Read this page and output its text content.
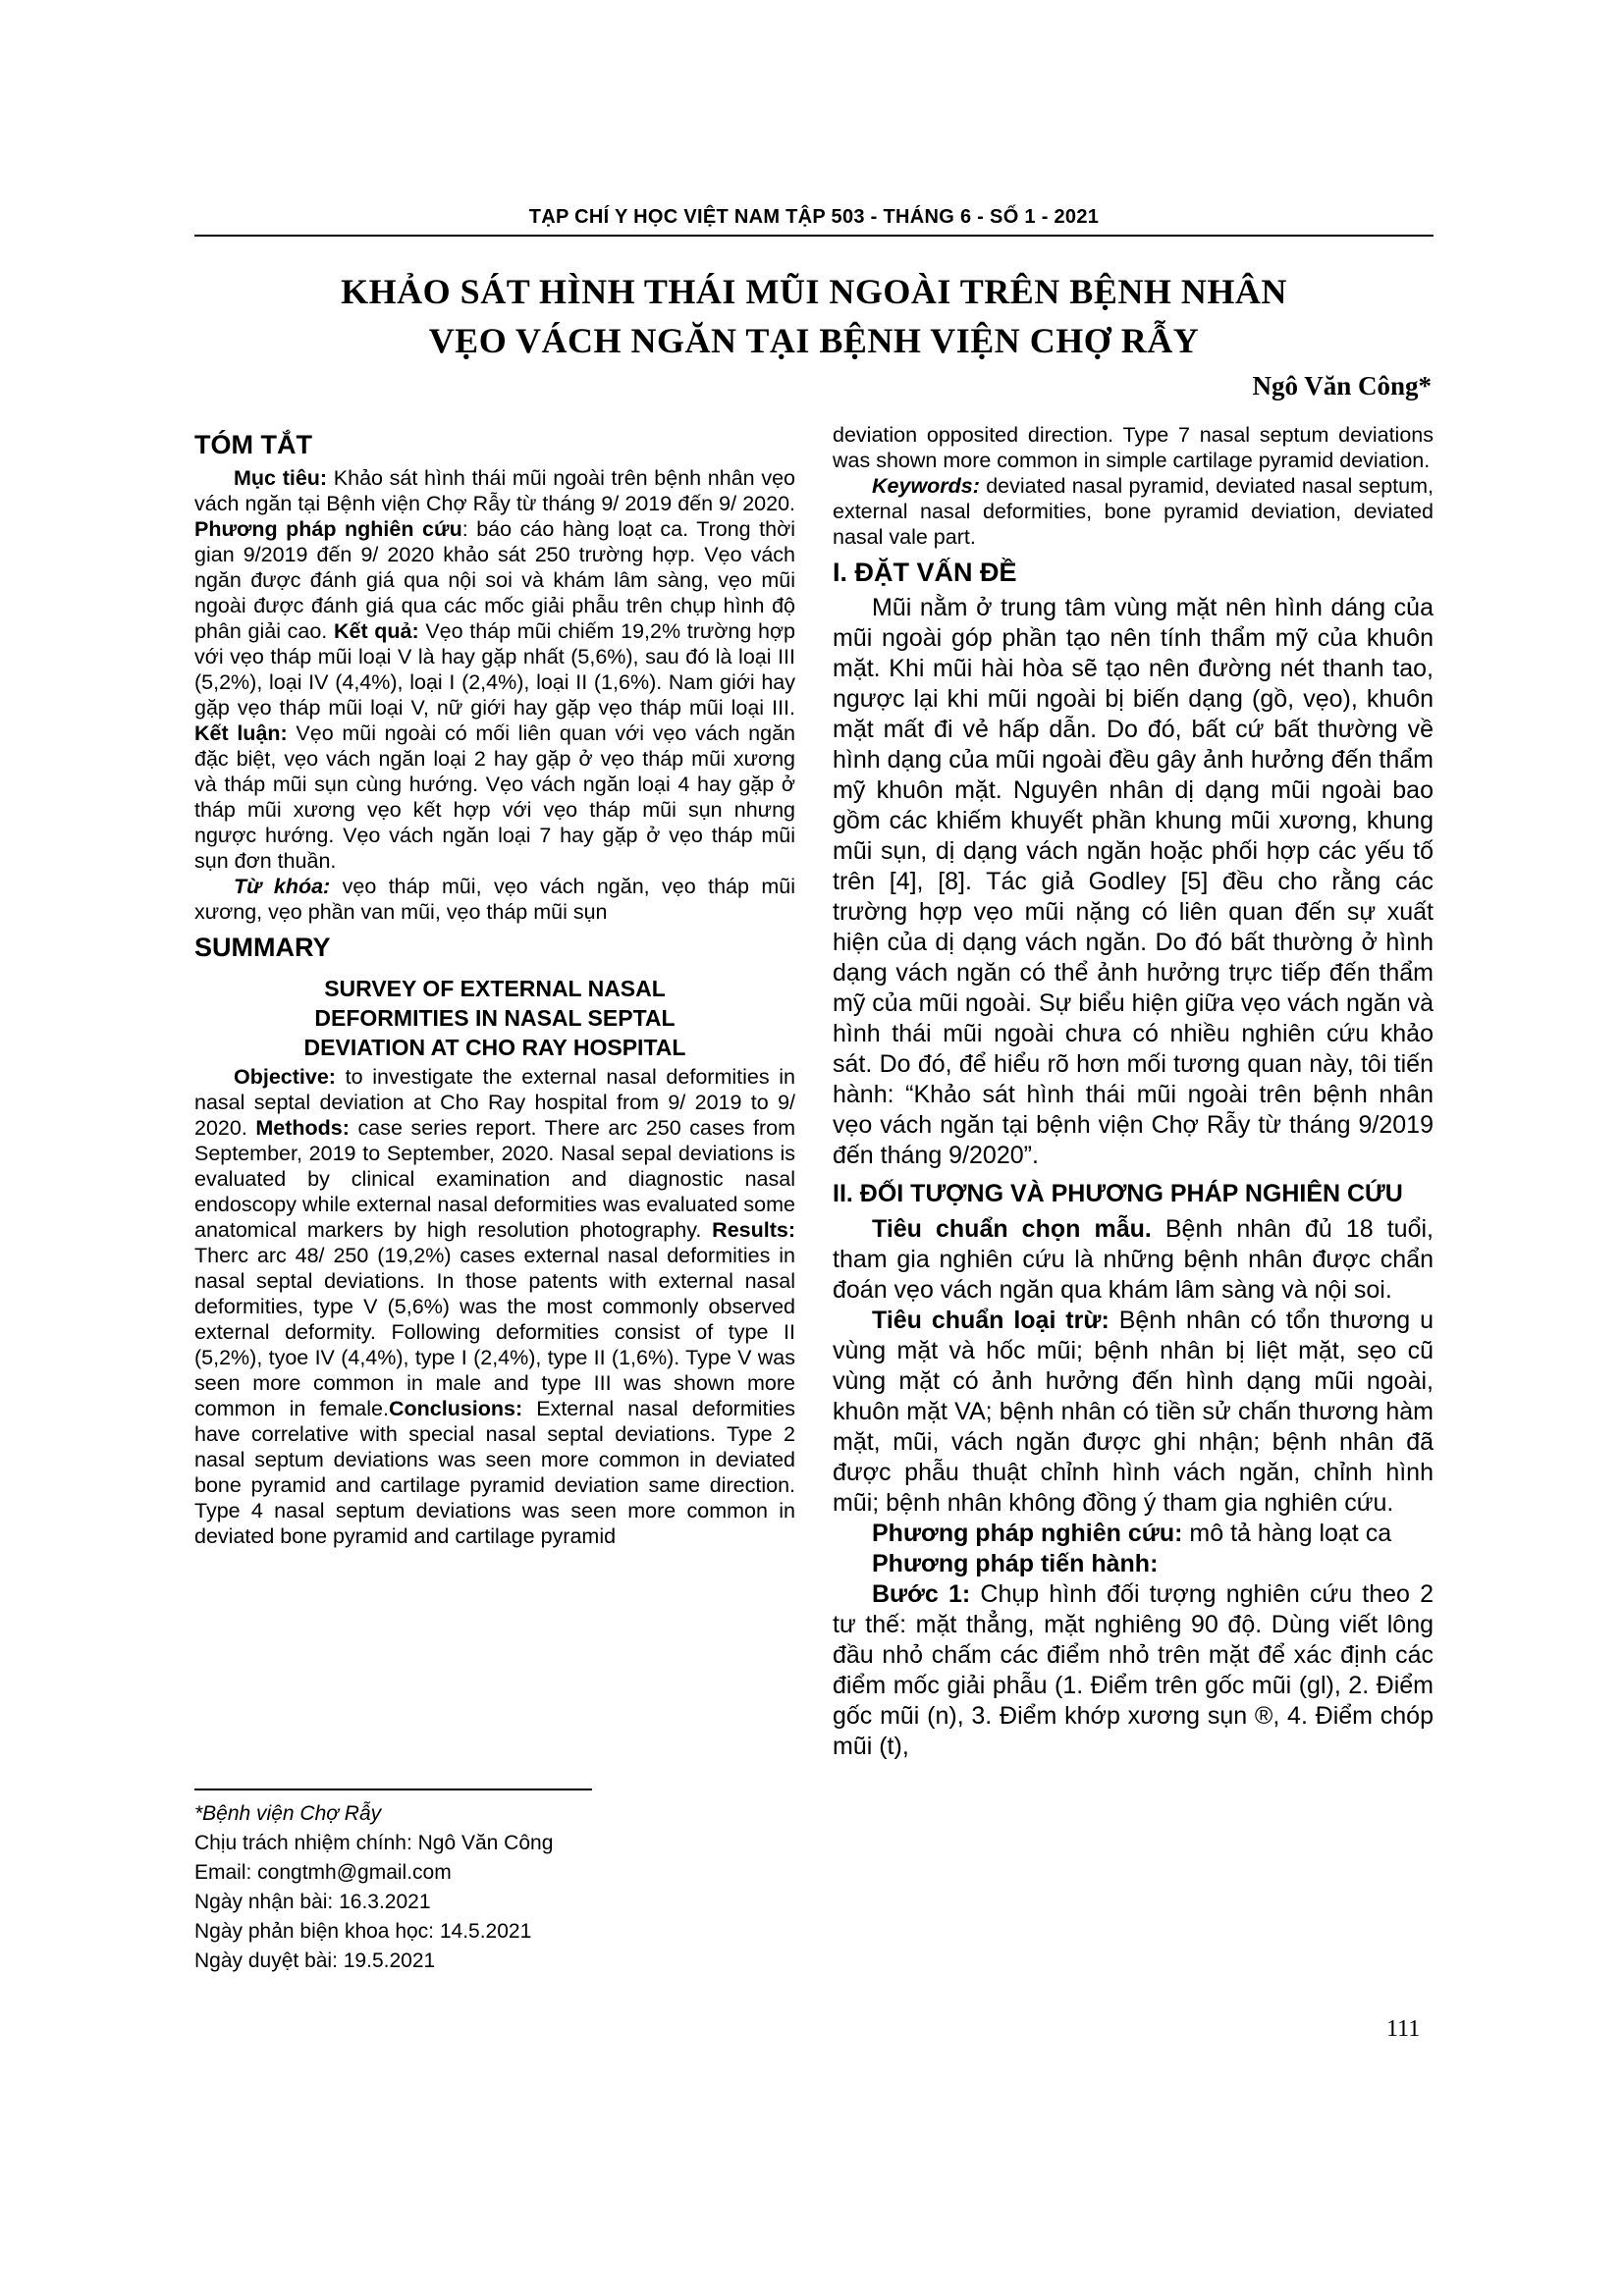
TẠP CHÍ Y HỌC VIỆT NAM TẬP 503 - THÁNG 6 - SỐ 1 - 2021
KHẢO SÁT HÌNH THÁI MŨI NGOÀI TRÊN BỆNH NHÂN
VẸO VÁCH NGĂN TẠI BỆNH VIỆN CHỢ RẪY
Ngô Văn Công*
TÓM TẮT

Mục tiêu: Khảo sát hình thái mũi ngoài trên bệnh nhân vẹo vách ngăn tại Bệnh viện Chợ Rẫy từ tháng 9/ 2019 đến 9/ 2020. Phương pháp nghiên cứu: báo cáo hàng loạt ca. Trong thời gian 9/2019 đến 9/ 2020 khảo sát 250 trường hợp. Vẹo vách ngăn được đánh giá qua nội soi và khám lâm sàng, vẹo mũi ngoài được đánh giá qua các mốc giải phẫu trên chụp hình độ phân giải cao. Kết quả: Vẹo tháp mũi chiếm 19,2% trường hợp với vẹo tháp mũi loại V là hay gặp nhất (5,6%), sau đó là loại III (5,2%), loại IV (4,4%), loại I (2,4%), loại II (1,6%). Nam giới hay gặp vẹo tháp mũi loại V, nữ giới hay gặp vẹo tháp mũi loại III. Kết luận: Vẹo mũi ngoài có mối liên quan với vẹo vách ngăn đặc biệt, vẹo vách ngăn loại 2 hay gặp ở vẹo tháp mũi xương và tháp mũi sụn cùng hướng. Vẹo vách ngăn loại 4 hay gặp ở tháp mũi xương vẹo kết hợp với vẹo tháp mũi sụn nhưng ngược hướng. Vẹo vách ngăn loại 7 hay gặp ở vẹo tháp mũi sụn đơn thuần.

Từ khóa: vẹo tháp mũi, vẹo vách ngăn, vẹo tháp mũi xương, vẹo phần van mũi, vẹo tháp mũi sụn

SUMMARY
SURVEY OF EXTERNAL NASAL
DEFORMITIES IN NASAL SEPTAL
DEVIATION AT CHO RAY HOSPITAL

Objective: to investigate the external nasal deformities in nasal septal deviation at Cho Ray hospital from 9/ 2019 to 9/ 2020. Methods: case series report. There arc 250 cases from September, 2019 to September, 2020. Nasal sepal deviations is evaluated by clinical examination and diagnostic nasal endoscopy while external nasal deformities was evaluated some anatomical markers by high resolution photography. Results: Therc arc 48/ 250 (19,2%) cases external nasal deformities in nasal septal deviations. In those patents with external nasal deformities, type V (5,6%) was the most commonly observed external deformity. Following deformities consist of type II (5,2%), tyoe IV (4,4%), type I (2,4%), type II (1,6%). Type V was seen more common in male and type III was shown more common in female.Conclusions: External nasal deformities have correlative with special nasal septal deviations. Type 2 nasal septum deviations was seen more common in deviated bone pyramid and cartilage pyramid deviation same direction. Type 4 nasal septum deviations was seen more common in deviated bone pyramid and cartilage pyramid

*Bệnh viện Chợ Rẫy
Chịu trách nhiệm chính: Ngô Văn Công
Email: congtmh@gmail.com
Ngày nhận bài: 16.3.2021
Ngày phản biện khoa học: 14.5.2021
Ngày duyệt bài: 19.5.2021

deviation opposited direction. Type 7 nasal septum deviations was shown more common in simple cartilage pyramid deviation.

Keywords: deviated nasal pyramid, deviated nasal septum, external nasal deformities, bone pyramid deviation, deviated nasal vale part.

I. ĐẶT VẤN ĐỀ

Mũi nằm ở trung tâm vùng mặt nên hình dáng của mũi ngoài góp phần tạo nên tính thẩm mỹ của khuôn mặt. Khi mũi hài hòa sẽ tạo nên đường nét thanh tao, ngược lại khi mũi ngoài bị biến dạng (gồ, vẹo), khuôn mặt mất đi vẻ hấp dẫn. Do đó, bất cứ bất thường về hình dạng của mũi ngoài đều gây ảnh hưởng đến thẩm mỹ khuôn mặt. Nguyên nhân dị dạng mũi ngoài bao gồm các khiếm khuyết phần khung mũi xương, khung mũi sụn, dị dạng vách ngăn hoặc phối hợp các yếu tố trên [4], [8]. Tác giả Godley [5] đều cho rằng các trường hợp vẹo mũi nặng có liên quan đến sự xuất hiện của dị dạng vách ngăn. Do đó bất thường ở hình dạng vách ngăn có thể ảnh hưởng trực tiếp đến thẩm mỹ của mũi ngoài. Sự biểu hiện giữa vẹo vách ngăn và hình thái mũi ngoài chưa có nhiều nghiên cứu khảo sát. Do đó, để hiểu rõ hơn mối tương quan này, tôi tiến hành: “Khảo sát hình thái mũi ngoài trên bệnh nhân vẹo vách ngăn tại bệnh viện Chợ Rẫy từ tháng 9/2019 đến tháng 9/2020”.

II. ĐỐI TƯỢNG VÀ PHƯƠNG PHÁP NGHIÊN CỨU

Tiêu chuẩn chọn mẫu. Bệnh nhân đủ 18 tuổi, tham gia nghiên cứu là những bệnh nhân được chẩn đoán vẹo vách ngăn qua khám lâm sàng và nội soi.

Tiêu chuẩn loại trừ: Bệnh nhân có tổn thương u vùng mặt và hốc mũi; bệnh nhân bị liệt mặt, sẹo cũ vùng mặt có ảnh hưởng đến hình dạng mũi ngoài, khuôn mặt VA; bệnh nhân có tiền sử chấn thương hàm mặt, mũi, vách ngăn được ghi nhận; bệnh nhân đã được phẫu thuật chỉnh hình vách ngăn, chỉnh hình mũi; bệnh nhân không đồng ý tham gia nghiên cứu.

Phương pháp nghiên cứu: mô tả hàng loạt ca

Phương pháp tiến hành:

Bước 1: Chụp hình đối tượng nghiên cứu theo 2 tư thế: mặt thẳng, mặt nghiêng 90 độ. Dùng viết lông đầu nhỏ chấm các điểm nhỏ trên mặt để xác định các điểm mốc giải phẫu (1. Điểm trên gốc mũi (gl), 2. Điểm gốc mũi (n), 3. Điểm khớp xương sụn ®, 4. Điểm chóp mũi (t),

111
